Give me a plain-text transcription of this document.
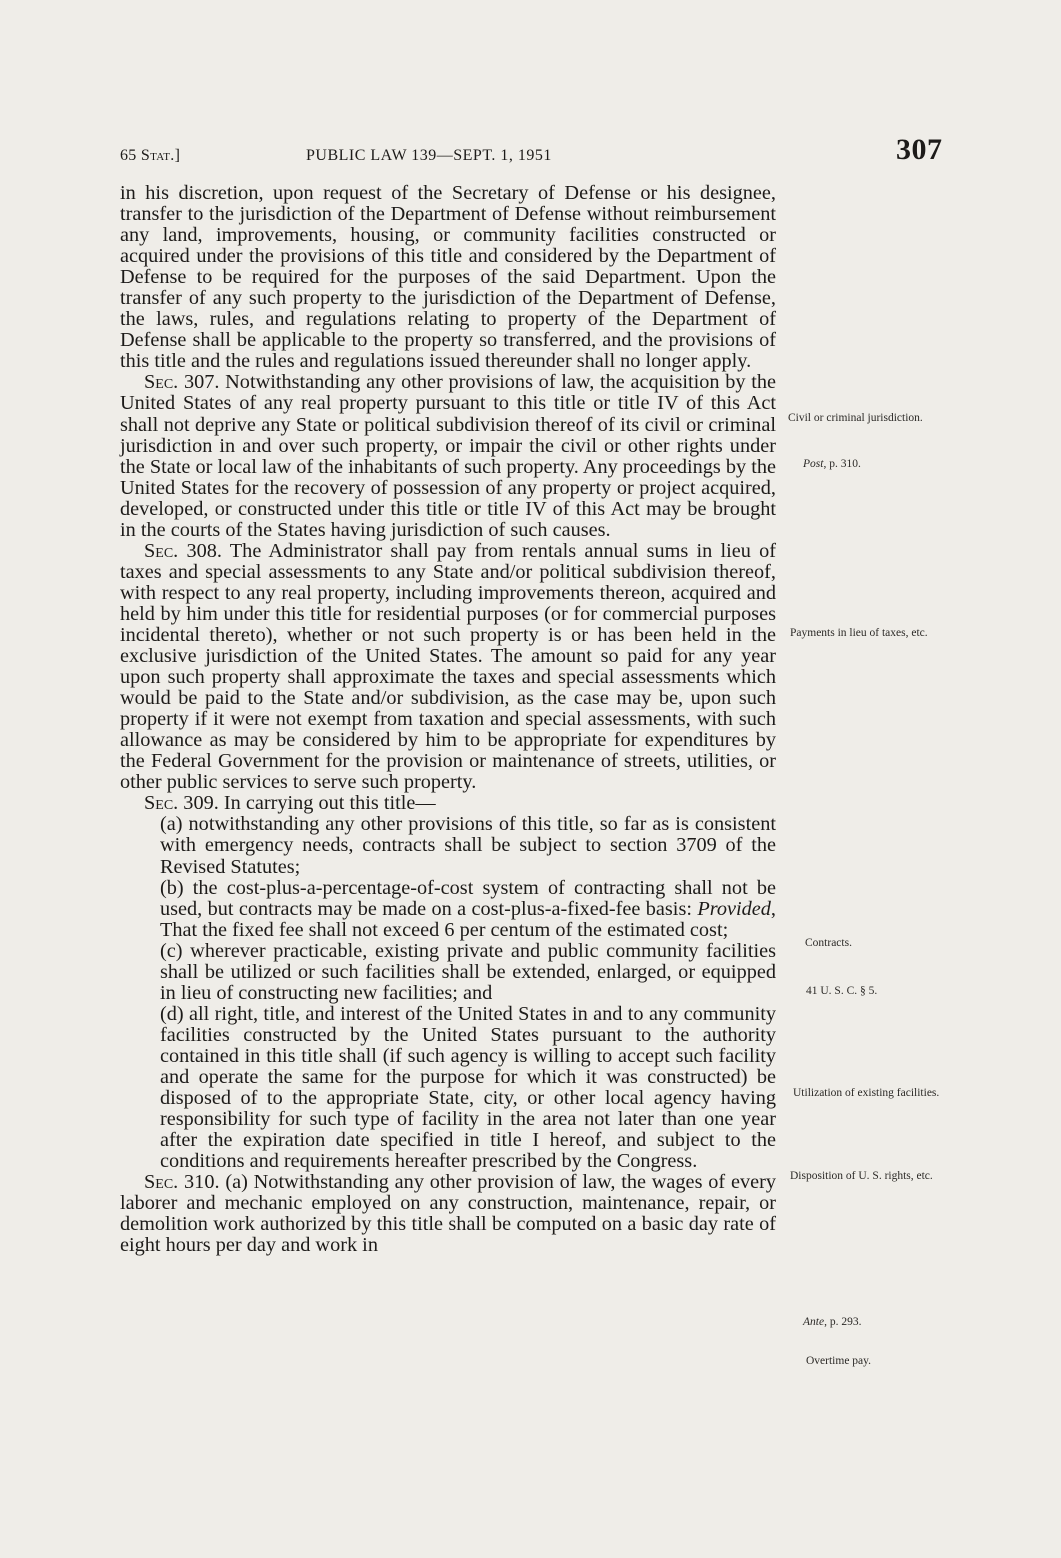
65 Stat.]	PUBLIC LAW 139—SEPT. 1, 1951	307

in his discretion, upon request of the Secretary of Defense or his designee, transfer to the jurisdiction of the Department of Defense without reimbursement any land, improvements, housing, or community facilities constructed or acquired under the provisions of this title and considered by the Department of Defense to be required for the purposes of the said Department. Upon the transfer of any such property to the jurisdiction of the Department of Defense, the laws, rules, and regulations relating to property of the Department of Defense shall be applicable to the property so transferred, and the provisions of this title and the rules and regulations issued thereunder shall no longer apply.

Sec. 307. Notwithstanding any other provisions of law, the acquisition by the United States of any real property pursuant to this title or title IV of this Act shall not deprive any State or political subdivision thereof of its civil or criminal jurisdiction in and over such property, or impair the civil or other rights under the State or local law of the inhabitants of such property. Any proceedings by the United States for the recovery of possession of any property or project acquired, developed, or constructed under this title or title IV of this Act may be brought in the courts of the States having jurisdiction of such causes.

Sec. 308. The Administrator shall pay from rentals annual sums in lieu of taxes and special assessments to any State and/or political subdivision thereof, with respect to any real property, including improvements thereon, acquired and held by him under this title for residential purposes (or for commercial purposes incidental thereto), whether or not such property is or has been held in the exclusive jurisdiction of the United States. The amount so paid for any year upon such property shall approximate the taxes and special assessments which would be paid to the State and/or subdivision, as the case may be, upon such property if it were not exempt from taxation and special assessments, with such allowance as may be considered by him to be appropriate for expenditures by the Federal Government for the provision or maintenance of streets, utilities, or other public services to serve such property.

Sec. 309. In carrying out this title—

(a) notwithstanding any other provisions of this title, so far as is consistent with emergency needs, contracts shall be subject to section 3709 of the Revised Statutes;

(b) the cost-plus-a-percentage-of-cost system of contracting shall not be used, but contracts may be made on a cost-plus-a-fixed-fee basis: Provided, That the fixed fee shall not exceed 6 per centum of the estimated cost;

(c) wherever practicable, existing private and public community facilities shall be utilized or such facilities shall be extended, enlarged, or equipped in lieu of constructing new facilities; and

(d) all right, title, and interest of the United States in and to any community facilities constructed by the United States pursuant to the authority contained in this title shall (if such agency is willing to accept such facility and operate the same for the purpose for which it was constructed) be disposed of to the appropriate State, city, or other local agency having responsibility for such type of facility in the area not later than one year after the expiration date specified in title I hereof, and subject to the conditions and requirements hereafter prescribed by the Congress.

Sec. 310. (a) Notwithstanding any other provision of law, the wages of every laborer and mechanic employed on any construction, maintenance, repair, or demolition work authorized by this title shall be computed on a basic day rate of eight hours per day and work in

Civil or criminal jurisdiction.
Post, p. 310.
Payments in lieu of taxes, etc.
Contracts.
41 U. S. C. § 5.
Utilization of existing facilities.
Disposition of U. S. rights, etc.
Ante, p. 293.
Overtime pay.
